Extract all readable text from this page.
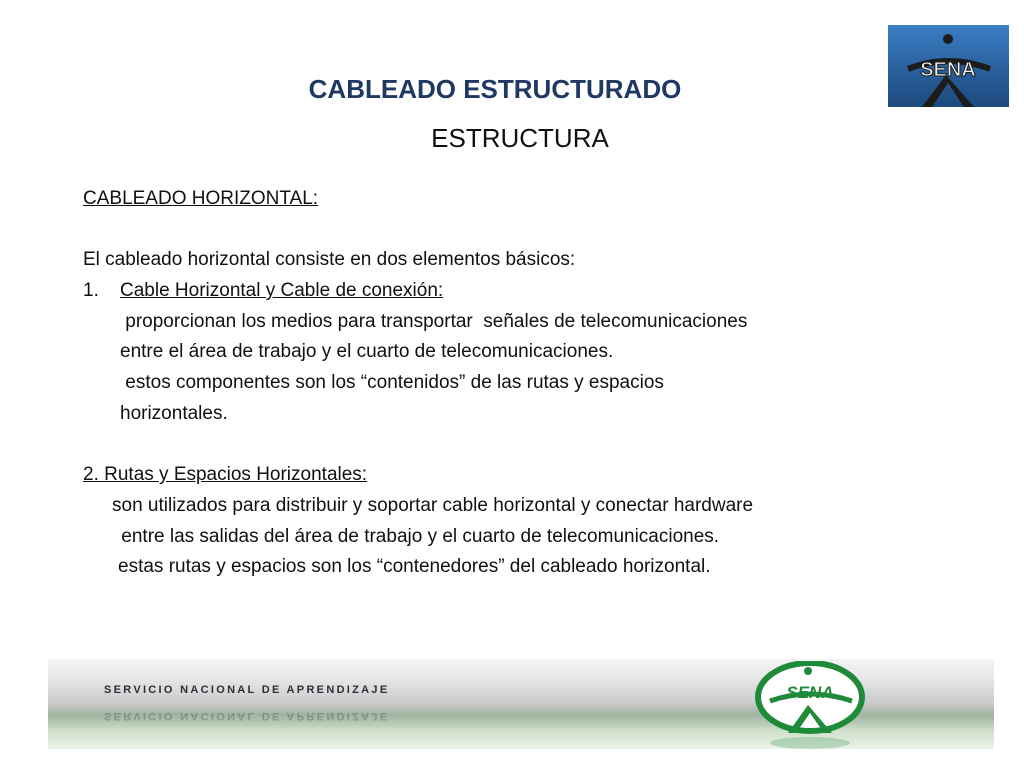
SENA
CABLEADO ESTRUCTURADO
ESTRUCTURA
CABLEADO HORIZONTAL:
El cableado horizontal consiste en dos elementos básicos:
1. Cable Horizontal y Cable de conexión:
proporcionan los medios para transportar  señales de telecomunicaciones
entre el área de trabajo y el cuarto de telecomunicaciones.
estos componentes son los “contenidos” de las rutas y espacios
horizontales.
2. Rutas y Espacios Horizontales:
son utilizados para distribuir y soportar cable horizontal y conectar hardware
entre las salidas del área de trabajo y el cuarto de telecomunicaciones.
estas rutas y espacios son los “contenedores” del cableado horizontal.
SERVICIO NACIONAL DE APRENDIZAJE
SERVICIO NACIONAL DE APRENDIZAJE
SENA
